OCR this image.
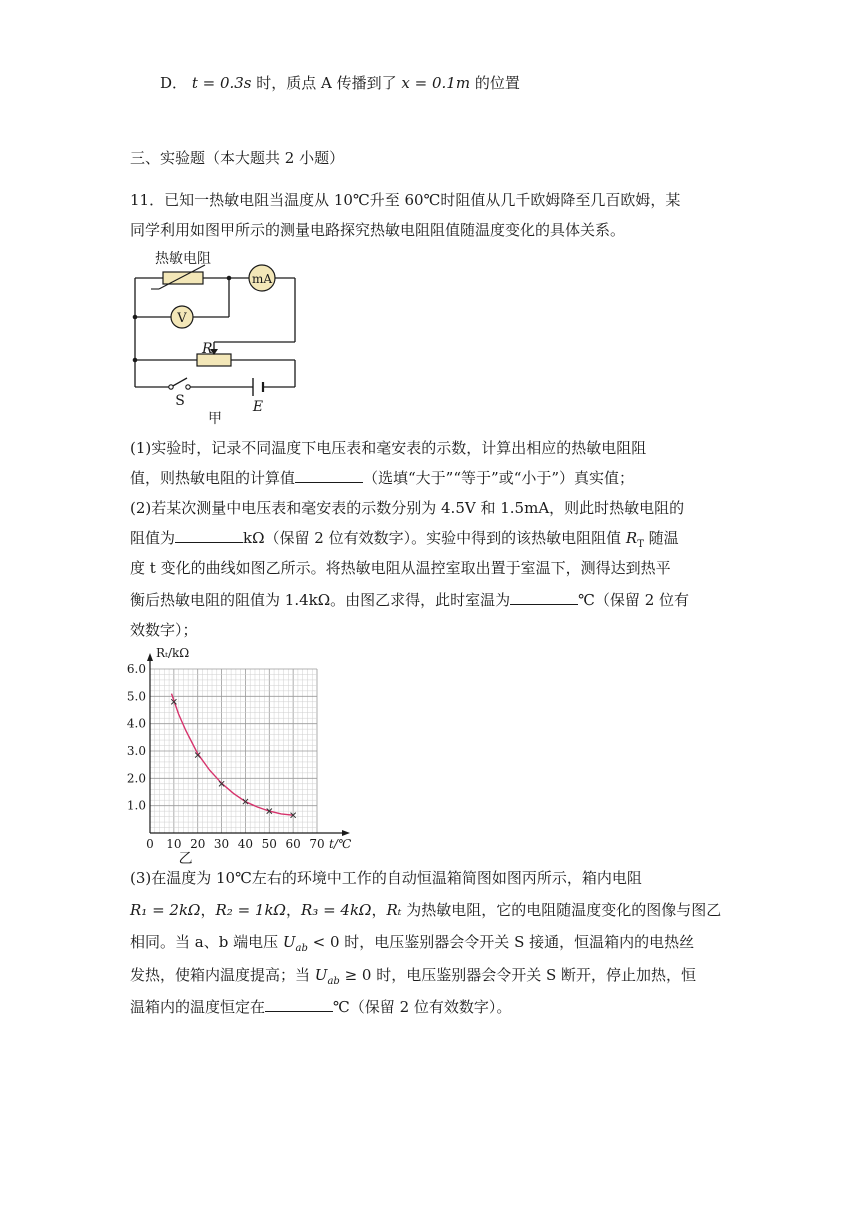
D． t = 0.3s 时，质点 A 传播到了 x = 0.1m 的位置
三、实验题（本大题共 2 小题）
11．已知一热敏电阻当温度从 10℃升至 60℃时阻值从几千欧姆降至几百欧姆，某
同学利用如图甲所示的测量电路探究热敏电阻阻值随温度变化的具体关系。
mA
V
R
S	E
热敏电阻
甲
(1)实验时，记录不同温度下电压表和毫安表的示数，计算出相应的热敏电阻阻
值，则热敏电阻的计算值	（选填“大于”“等于”或“小于”）真实值；
(2)若某次测量中电压表和毫安表的示数分别为 4.5V 和 1.5mA，则此时热敏电阻的
阻值为	kΩ（保留 2 位有效数字）。实验中得到的该热敏电阻阻值 $R_T$ 随温
度 t 变化的曲线如图乙所示。将热敏电阻从温控室取出置于室温下，测得达到热平
衡后热敏电阻的阻值为 1.4kΩ。由图乙求得，此时室温为	℃（保留 2 位有
效数字）；
0 10 20 30 40 50 60 70
1.0
2.0
3.0
4.0
5.0
6.0
Rₜ/kΩ
t/℃
乙
(3)在温度为 10℃左右的环境中工作的自动恒温箱简图如图丙所示，箱内电阻
R₁ = 2kΩ，R₂ = 1kΩ，R₃ = 4kΩ，Rₜ 为热敏电阻，它的电阻随温度变化的图像与图乙
相同。当 a、b 端电压 $U_{ab} < 0$ 时，电压鉴别器会令开关 S 接通，恒温箱内的电热丝
发热，使箱内温度提高；当 $U_{ab} \ge 0$ 时，电压鉴别器会令开关 S 断开，停止加热，恒
温箱内的温度恒定在	℃（保留 2 位有效数字）。
